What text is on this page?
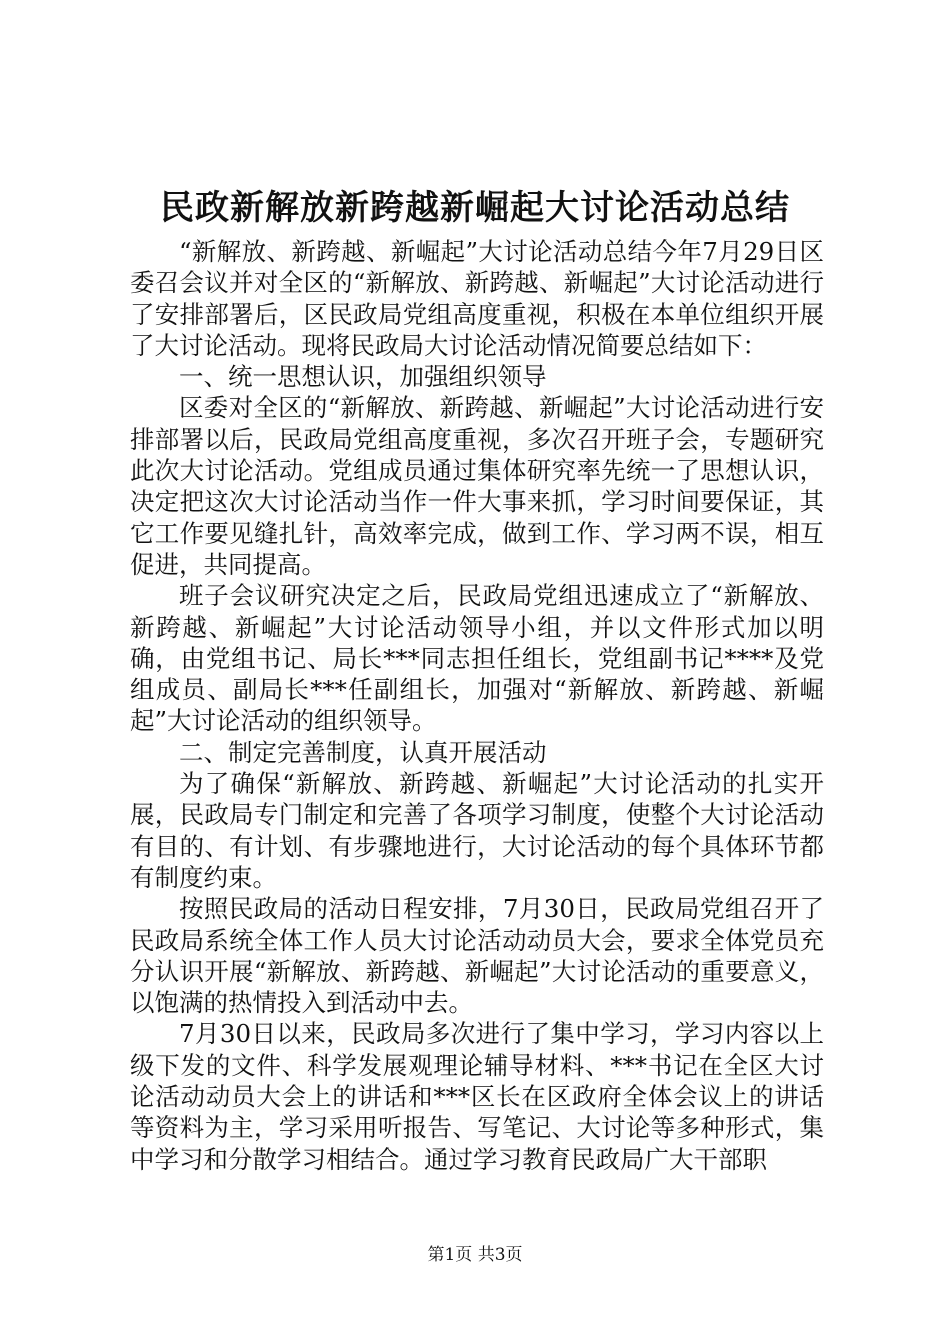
民政新解放新跨越新崛起大讨论活动总结

“新解放、新跨越、新崛起”大讨论活动总结今年7月29日区委召会议并对全区的“新解放、新跨越、新崛起”大讨论活动进行了安排部署后，区民政局党组高度重视，积极在本单位组织开展了大讨论活动。现将民政局大讨论活动情况简要总结如下：

一、统一思想认识，加强组织领导

区委对全区的“新解放、新跨越、新崛起”大讨论活动进行安排部署以后，民政局党组高度重视，多次召开班子会，专题研究此次大讨论活动。党组成员通过集体研究率先统一了思想认识，决定把这次大讨论活动当作一件大事来抓，学习时间要保证，其它工作要见缝扎针，高效率完成，做到工作、学习两不误，相互促进，共同提高。

班子会议研究决定之后，民政局党组迅速成立了“新解放、新跨越、新崛起”大讨论活动领导小组，并以文件形式加以明确，由党组书记、局长***同志担任组长，党组副书记****及党组成员、副局长***任副组长，加强对“新解放、新跨越、新崛起”大讨论活动的组织领导。

二、制定完善制度，认真开展活动

为了确保“新解放、新跨越、新崛起”大讨论活动的扎实开展，民政局专门制定和完善了各项学习制度，使整个大讨论活动有目的、有计划、有步骤地进行，大讨论活动的每个具体环节都有制度约束。

按照民政局的活动日程安排，7月30日，民政局党组召开了民政局系统全体工作人员大讨论活动动员大会，要求全体党员充分认识开展“新解放、新跨越、新崛起”大讨论活动的重要意义，以饱满的热情投入到活动中去。

7月30日以来，民政局多次进行了集中学习，学习内容以上级下发的文件、科学发展观理论辅导材料、***书记在全区大讨论活动动员大会上的讲话和***区长在区政府全体会议上的讲话等资料为主，学习采用听报告、写笔记、大讨论等多种形式，集中学习和分散学习相结合。通过学习教育民政局广大干部职

第1页 共3页
